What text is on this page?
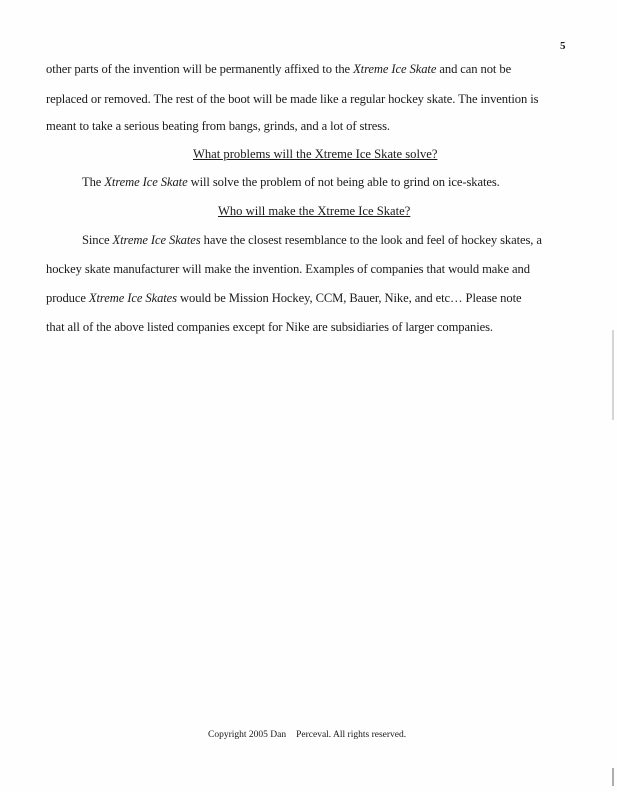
5
other parts of the invention will be permanently affixed to the Xtreme Ice Skate and can not be
replaced or removed. The rest of the boot will be made like a regular hockey skate. The invention is
meant to take a serious beating from bangs, grinds, and a lot of stress.
What problems will the Xtreme Ice Skate solve?
The Xtreme Ice Skate will solve the problem of not being able to grind on ice-skates.
Who will make the Xtreme Ice Skate?
Since Xtreme Ice Skates have the closest resemblance to the look and feel of hockey skates, a
hockey skate manufacturer will make the invention. Examples of companies that would make and
produce Xtreme Ice Skates would be Mission Hockey, CCM, Bauer, Nike, and etc… Please note
that all of the above listed companies except for Nike are subsidiaries of larger companies.
Copyright 2005 Dan Perceval. All rights reserved.
